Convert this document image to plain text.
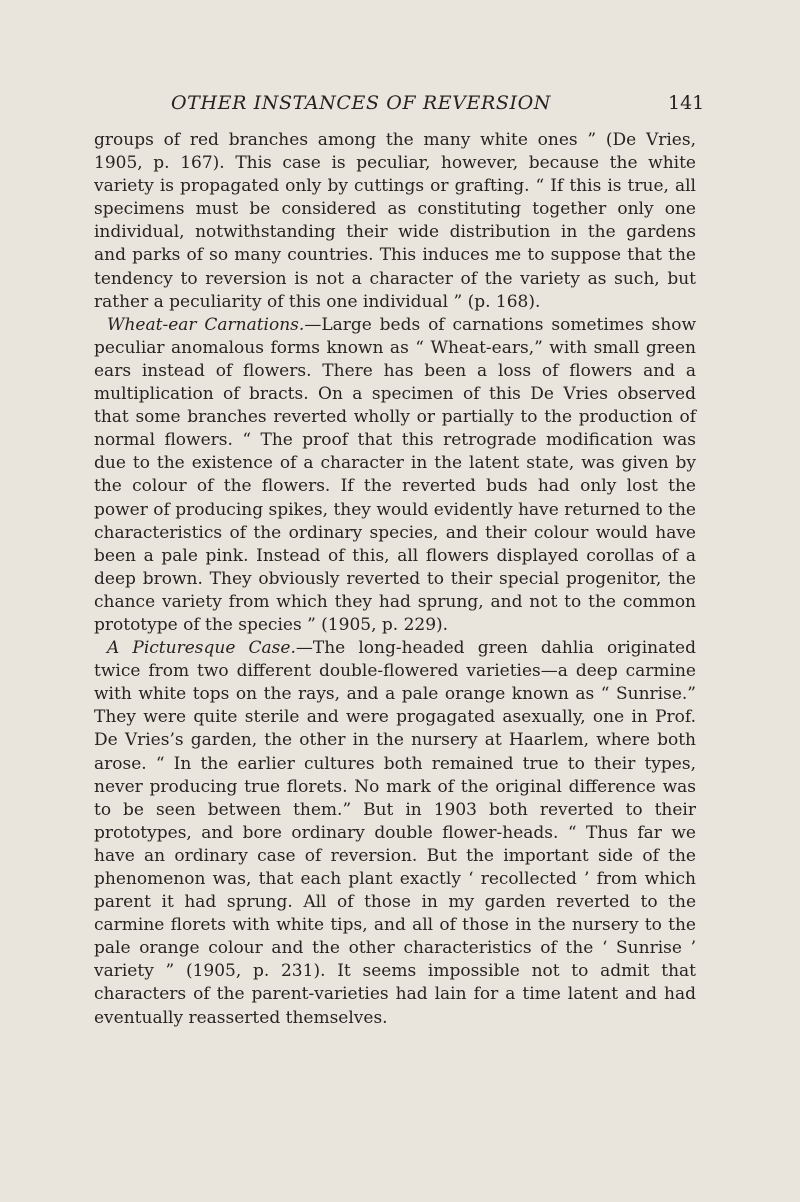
OTHER INSTANCES OF REVERSION	141

groups of red branches among the many white ones ” (De Vries, 1905, p. 167). This case is peculiar, however, because the white variety is propagated only by cuttings or grafting. “ If this is true, all specimens must be considered as constituting together only one individual, notwithstanding their wide distribution in the gardens and parks of so many countries. This induces me to suppose that the tendency to reversion is not a character of the variety as such, but rather a peculiarity of this one individual ” (p. 168).

Wheat-ear Carnations.—Large beds of carnations sometimes show peculiar anomalous forms known as “ Wheat-ears,” with small green ears instead of flowers. There has been a loss of flowers and a multiplication of bracts. On a specimen of this De Vries observed that some branches reverted wholly or partially to the production of normal flowers. “ The proof that this retrograde modification was due to the existence of a character in the latent state, was given by the colour of the flowers. If the reverted buds had only lost the power of producing spikes, they would evidently have returned to the characteristics of the ordinary species, and their colour would have been a pale pink. Instead of this, all flowers displayed corollas of a deep brown. They obviously reverted to their special progenitor, the chance variety from which they had sprung, and not to the common prototype of the species ” (1905, p. 229).

A Picturesque Case.—The long-headed green dahlia originated twice from two different double-flowered varieties—a deep carmine with white tops on the rays, and a pale orange known as “ Sunrise.” They were quite sterile and were progagated asexually, one in Prof. De Vries’s garden, the other in the nursery at Haarlem, where both arose. “ In the earlier cultures both remained true to their types, never producing true florets. No mark of the original difference was to be seen between them.” But in 1903 both reverted to their prototypes, and bore ordinary double flower-heads. “ Thus far we have an ordinary case of reversion. But the important side of the phenomenon was, that each plant exactly ‘ recollected ’ from which parent it had sprung. All of those in my garden reverted to the carmine florets with white tips, and all of those in the nursery to the pale orange colour and the other characteristics of the ‘ Sunrise ’ variety ” (1905, p. 231). It seems impossible not to admit that characters of the parent-varieties had lain for a time latent and had eventually reasserted themselves.
